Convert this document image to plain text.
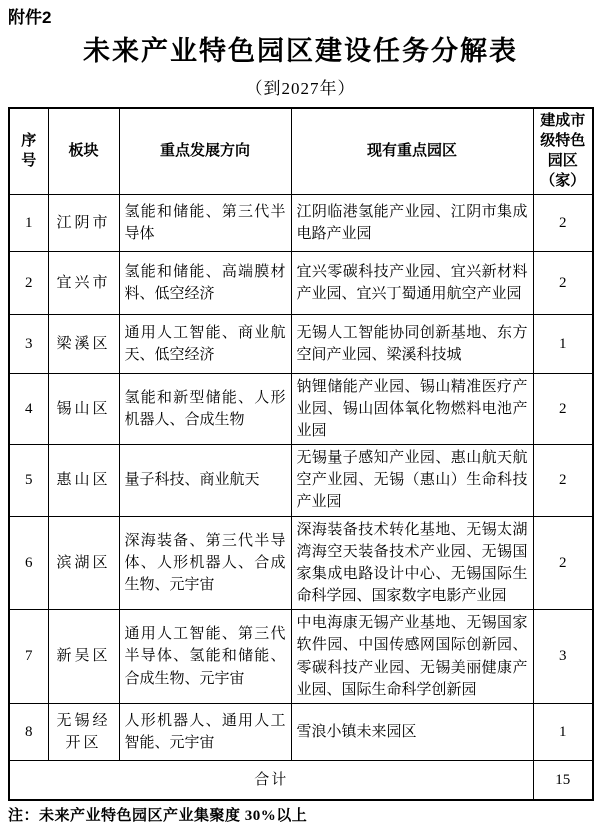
附件2
未来产业特色园区建设任务分解表
（到2027年）
序号	板块	重点发展方向	现有重点园区	建成市级特色园区（家）
1	江阴市	氢能和储能、第三代半导体	江阴临港氢能产业园、江阴市集成电路产业园	2
2	宜兴市	氢能和储能、高端膜材料、低空经济	宜兴零碳科技产业园、宜兴新材料产业园、宜兴丁蜀通用航空产业园	2
3	梁溪区	通用人工智能、商业航天、低空经济	无锡人工智能协同创新基地、东方空间产业园、梁溪科技城	1
4	锡山区	氢能和新型储能、人形机器人、合成生物	钠锂储能产业园、锡山精准医疗产业园、锡山固体氧化物燃料电池产业园	2
5	惠山区	量子科技、商业航天	无锡量子感知产业园、惠山航天航空产业园、无锡（惠山）生命科技产业园	2
6	滨湖区	深海装备、第三代半导体、人形机器人、合成生物、元宇宙	深海装备技术转化基地、无锡太湖湾海空天装备技术产业园、无锡国家集成电路设计中心、无锡国际生命科学园、国家数字电影产业园	2
7	新吴区	通用人工智能、第三代半导体、氢能和储能、合成生物、元宇宙	中电海康无锡产业基地、无锡国家软件园、中国传感网国际创新园、零碳科技产业园、无锡美丽健康产业园、国际生命科学创新园	3
8	无锡经开区	人形机器人、通用人工智能、元宇宙	雪浪小镇未来园区	1
合计				15
注：未来产业特色园区产业集聚度 30%以上
